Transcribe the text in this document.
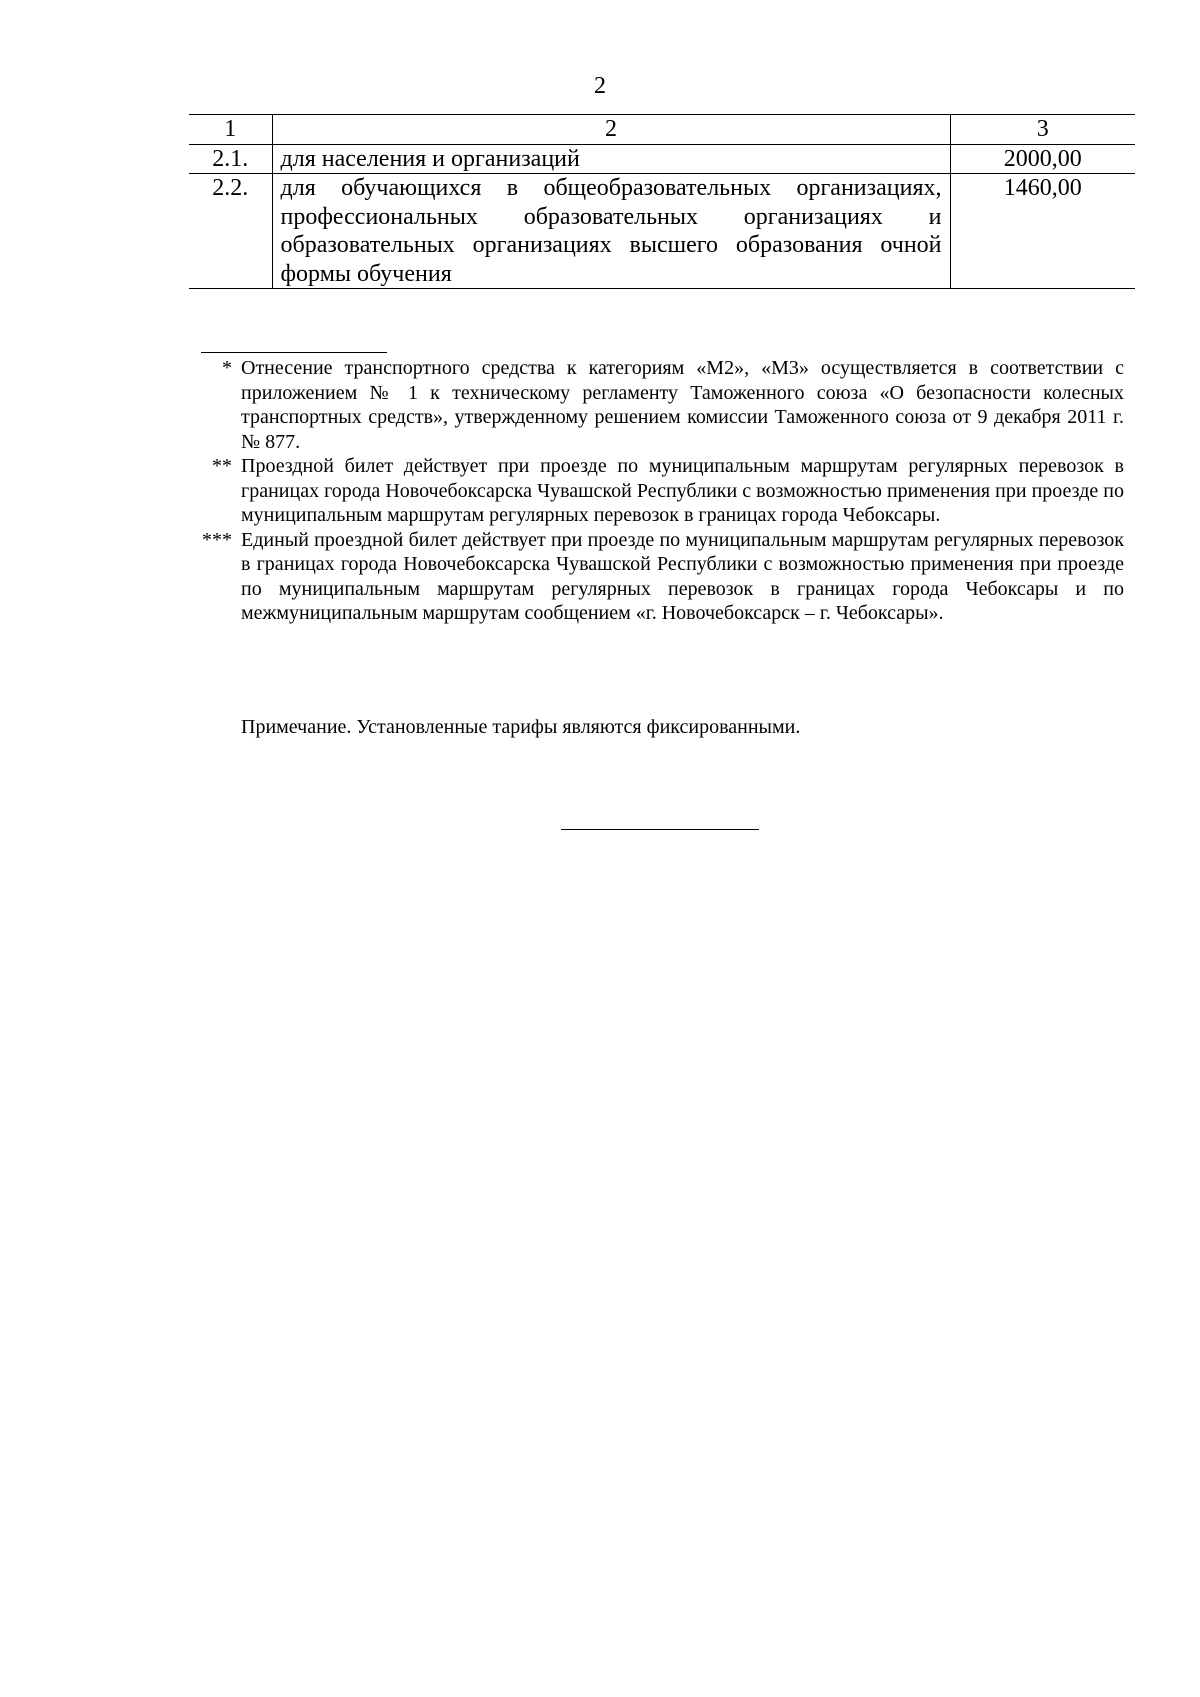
2
1	2	3
2.1.	для населения и организаций	2000,00
2.2.	для обучающихся в общеобразовательных организациях, профессиональных образовательных организациях и образовательных организациях высшего образования очной формы обучения	1460,00
* Отнесение транспортного средства к категориям «М2», «М3» осуществляется в соответствии с приложением № 1 к техническому регламенту Таможенного союза «О безопасности колесных транспортных средств», утвержденному решением комиссии Таможенного союза от 9 декабря 2011 г. № 877.
** Проездной билет действует при проезде по муниципальным маршрутам регулярных перевозок в границах города Новочебоксарска Чувашской Республики с возможностью применения при проезде по муниципальным маршрутам регулярных перевозок в границах города Чебоксары.
*** Единый проездной билет действует при проезде по муниципальным маршрутам регулярных перевозок в границах города Новочебоксарска Чувашской Республики с возможностью применения при проезде по муниципальным маршрутам регулярных перевозок в границах города Чебоксары и по межмуниципальным маршрутам сообщением «г. Новочебоксарск – г. Чебоксары».
Примечание. Установленные тарифы являются фиксированными.
